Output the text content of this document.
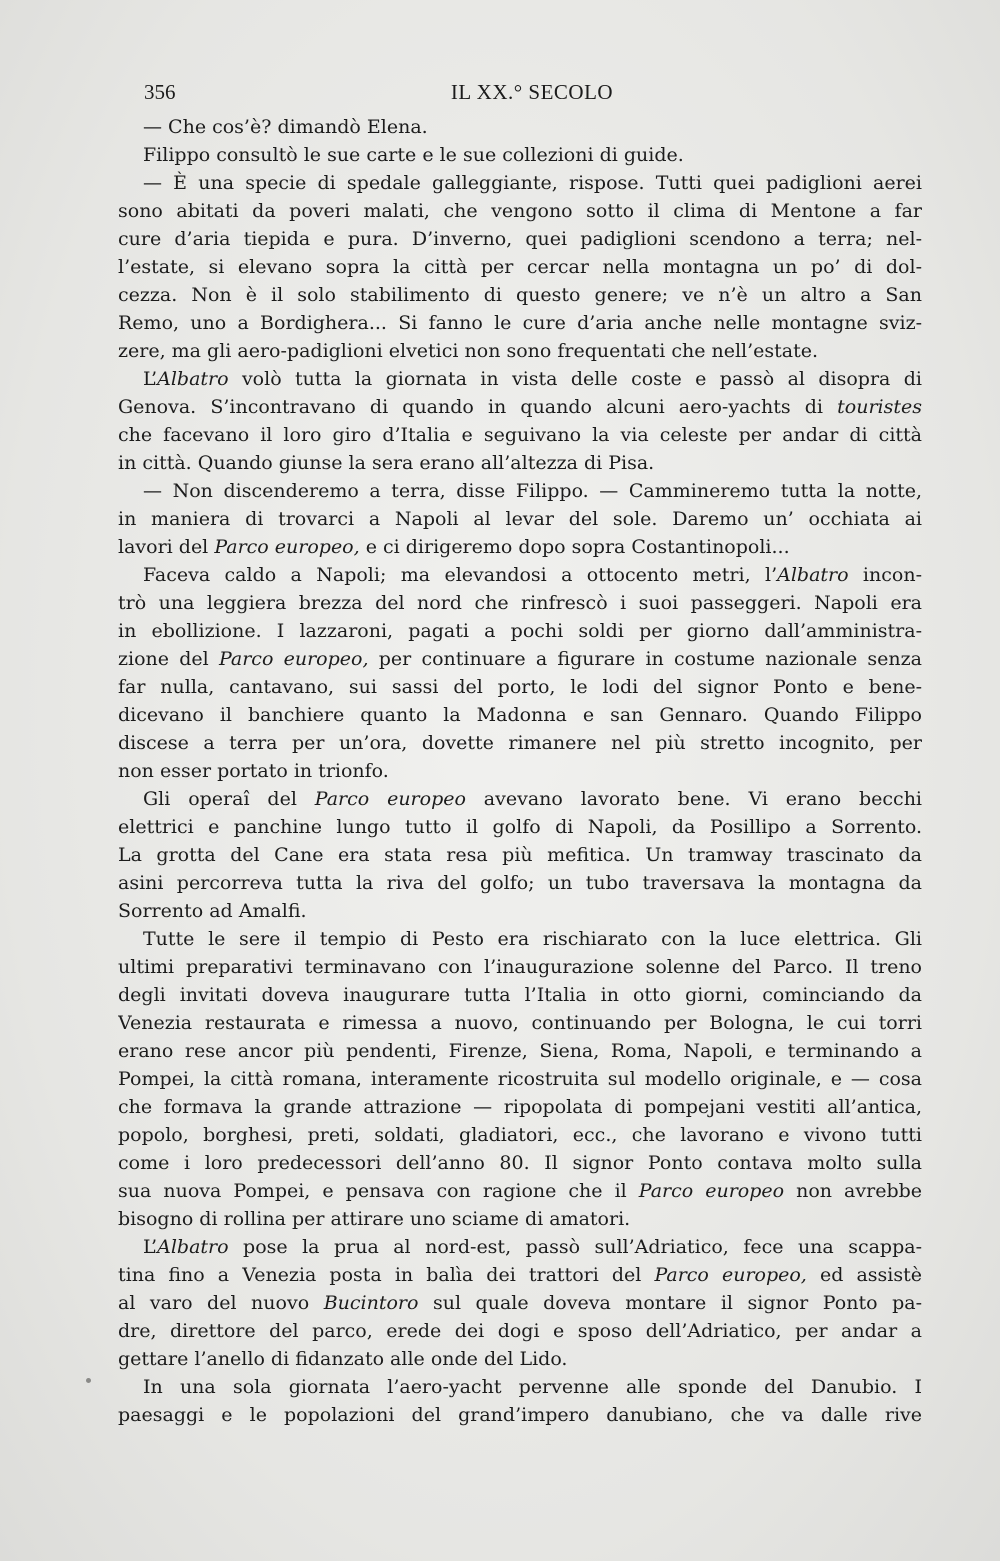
356	IL XX.° SECOLO

— Che cos’è? dimandò Elena.

Filippo consultò le sue carte e le sue collezioni di guide.

— È una specie di spedale galleggiante, rispose. Tutti quei padiglioni aerei

sono abitati da poveri malati, che vengono sotto il clima di Mentone a far

cure d’aria tiepida e pura. D’inverno, quei padiglioni scendono a terra; nel-

l’estate, si elevano sopra la città per cercar nella montagna un po’ di dol-

cezza. Non è il solo stabilimento di questo genere; ve n’è un altro a San

Remo, uno a Bordighera... Si fanno le cure d’aria anche nelle montagne sviz-

zere, ma gli aero-padiglioni elvetici non sono frequentati che nell’estate.

L’Albatro volò tutta la giornata in vista delle coste e passò al disopra di

Genova. S’incontravano di quando in quando alcuni aero-yachts di touristes

che facevano il loro giro d’Italia e seguivano la via celeste per andar di città

in città. Quando giunse la sera erano all’altezza di Pisa.

— Non discenderemo a terra, disse Filippo. — Cammineremo tutta la notte,

in maniera di trovarci a Napoli al levar del sole. Daremo un’ occhiata ai

lavori del Parco europeo, e ci dirigeremo dopo sopra Costantinopoli...

Faceva caldo a Napoli; ma elevandosi a ottocento metri, l’Albatro incon-

trò una leggiera brezza del nord che rinfrescò i suoi passeggeri. Napoli era

in ebollizione. I lazzaroni, pagati a pochi soldi per giorno dall’amministra-

zione del Parco europeo, per continuare a figurare in costume nazionale senza

far nulla, cantavano, sui sassi del porto, le lodi del signor Ponto e bene-

dicevano il banchiere quanto la Madonna e san Gennaro. Quando Filippo

discese a terra per un’ora, dovette rimanere nel più stretto incognito, per

non esser portato in trionfo.

Gli operaî del Parco europeo avevano lavorato bene. Vi erano becchi

elettrici e panchine lungo tutto il golfo di Napoli, da Posillipo a Sorrento.

La grotta del Cane era stata resa più mefitica. Un tramway trascinato da

asini percorreva tutta la riva del golfo; un tubo traversava la montagna da

Sorrento ad Amalfi.

Tutte le sere il tempio di Pesto era rischiarato con la luce elettrica. Gli

ultimi preparativi terminavano con l’inaugurazione solenne del Parco. Il treno

degli invitati doveva inaugurare tutta l’Italia in otto giorni, cominciando da

Venezia restaurata e rimessa a nuovo, continuando per Bologna, le cui torri

erano rese ancor più pendenti, Firenze, Siena, Roma, Napoli, e terminando a

Pompei, la città romana, interamente ricostruita sul modello originale, e — cosa

che formava la grande attrazione — ripopolata di pompejani vestiti all’antica,

popolo, borghesi, preti, soldati, gladiatori, ecc., che lavorano e vivono tutti

come i loro predecessori dell’anno 80. Il signor Ponto contava molto sulla

sua nuova Pompei, e pensava con ragione che il Parco europeo non avrebbe

bisogno di rollina per attirare uno sciame di amatori.

L’Albatro pose la prua al nord-est, passò sull’Adriatico, fece una scappa-

tina fino a Venezia posta in balìa dei trattori del Parco europeo, ed assistè

al varo del nuovo Bucintoro sul quale doveva montare il signor Ponto pa-

dre, direttore del parco, erede dei dogi e sposo dell’Adriatico, per andar a

gettare l’anello di fidanzato alle onde del Lido.

In una sola giornata l’aero-yacht pervenne alle sponde del Danubio. I

paesaggi e le popolazioni del grand’impero danubiano, che va dalle rive
